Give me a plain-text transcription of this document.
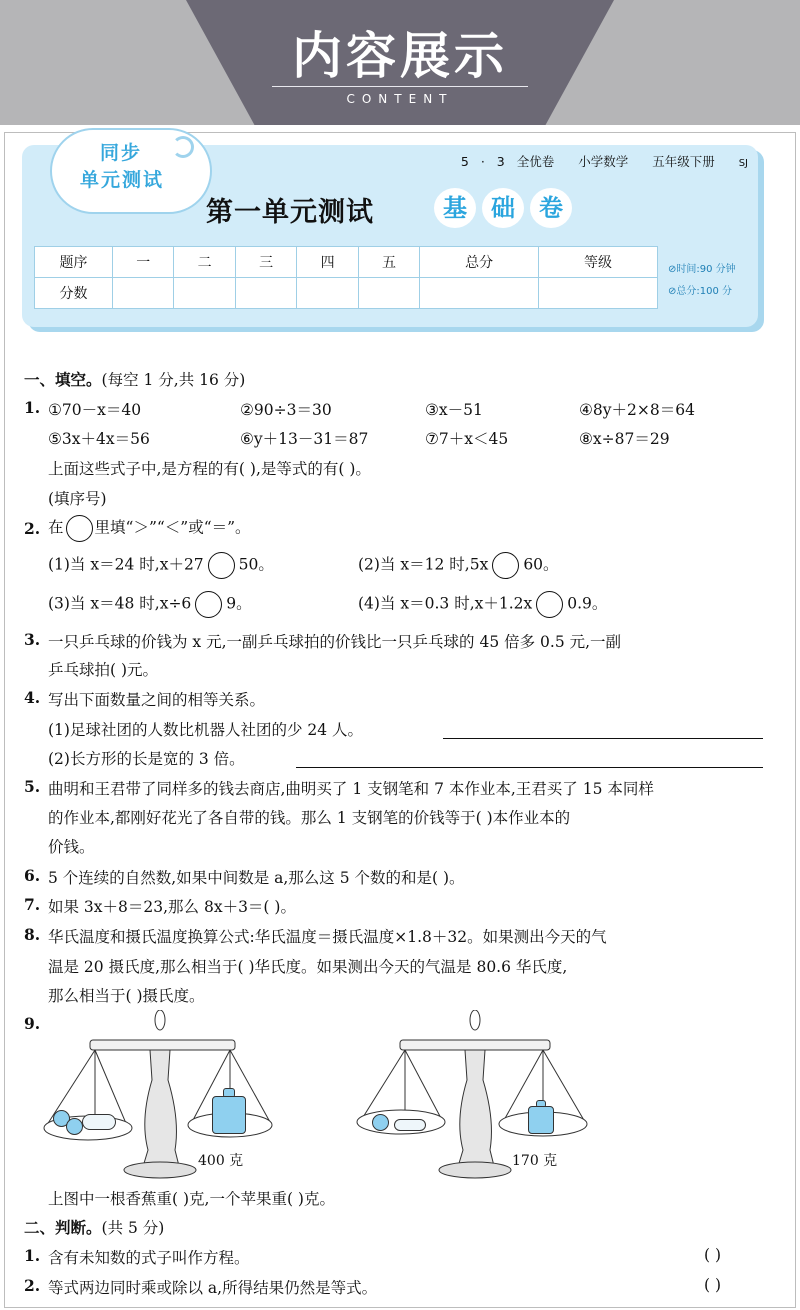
内容展示
CONTENT
同步
单元测试
5 · 3 全优卷 小学数学 五年级下册 SJ
第一单元测试	基	础	卷
题序	一	二	三	四	五	总分	等级
分数							
⊘时间:90 分钟
⊘总分:100 分
一、填空。(每空 1 分,共 16 分)
1. ①70－x＝40	②90÷3＝30	③x－51	④8y＋2×8＝64
⑤3x＋4x＝56	⑥y＋13－31＝87	⑦7＋x＜45	⑧x÷87＝29
上面这些式子中,是方程的有( ),是等式的有( )。
(填序号)
2. 在 里填“＞”“＜”或“＝”。
(1)当 x＝24 时,x＋27 50。	(2)当 x＝12 时,5x 60。
(3)当 x＝48 时,x÷6 9。	(4)当 x＝0.3 时,x＋1.2x 0.9。
3. 一只乒乓球的价钱为 x 元,一副乒乓球拍的价钱比一只乒乓球的 45 倍多 0.5 元,一副
乒乓球拍( )元。
4. 写出下面数量之间的相等关系。
(1)足球社团的人数比机器人社团的少 24 人。
(2)长方形的长是宽的 3 倍。
5. 曲明和王君带了同样多的钱去商店,曲明买了 1 支钢笔和 7 本作业本,王君买了 15 本同样
的作业本,都刚好花光了各自带的钱。那么 1 支钢笔的价钱等于( )本作业本的
价钱。
6. 5 个连续的自然数,如果中间数是 a,那么这 5 个数的和是( )。
7. 如果 3x＋8＝23,那么 8x＋3＝( )。
8. 华氏温度和摄氏温度换算公式:华氏温度＝摄氏温度×1.8＋32。如果测出今天的气
温是 20 摄氏度,那么相当于( )华氏度。如果测出今天的气温是 80.6 华氏度,
那么相当于( )摄氏度。
9.
400 克	170 克
上图中一根香蕉重( )克,一个苹果重( )克。
二、判断。(共 5 分)
1. 含有未知数的式子叫作方程。	( )
2. 等式两边同时乘或除以 a,所得结果仍然是等式。	( )
